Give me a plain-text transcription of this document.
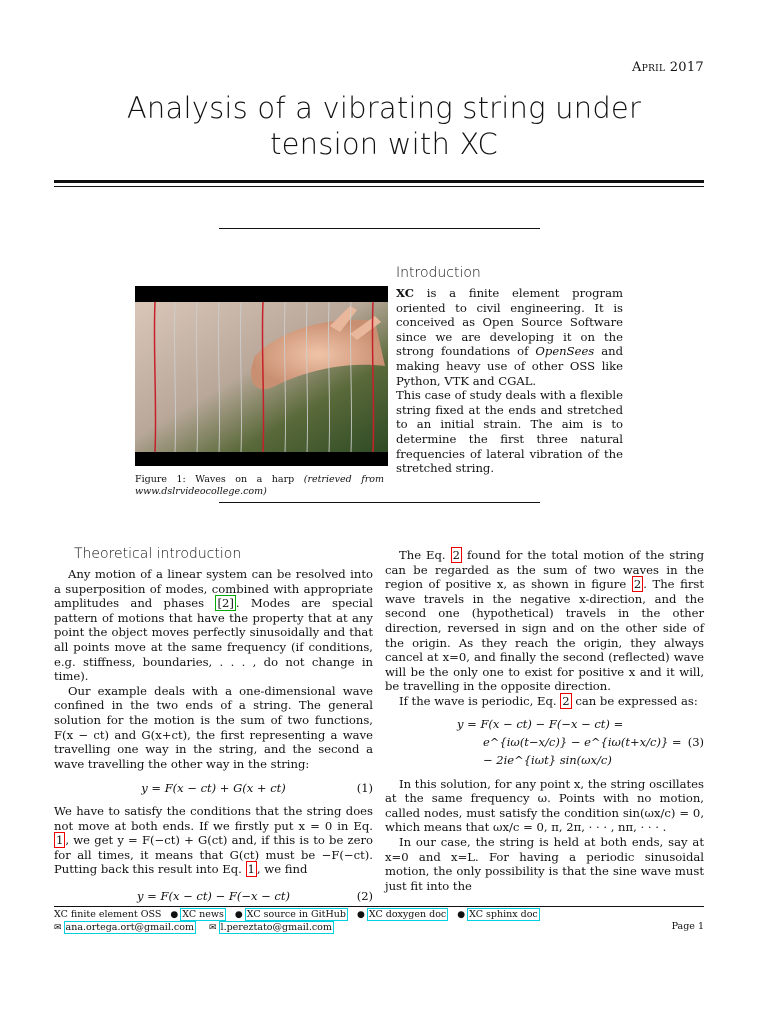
April 2017
Analysis of a vibrating string under
tension with XC
Figure 1: Waves on a harp (retrieved from www.dslrvideocollege.com)
Introduction

XC is a finite element program oriented to civil engineering. It is conceived as Open Source Software since we are developing it on the strong foundations of OpenSees and making heavy use of other OSS like Python, VTK and CGAL.

This case of study deals with a flexible string fixed at the ends and stretched to an initial strain. The aim is to determine the first three natural frequencies of lateral vibration of the stretched string.

Theoretical introduction

Any motion of a linear system can be resolved into a superposition of modes, combined with appropriate amplitudes and phases [2] . Modes are special pattern of motions that have the property that at any point the object moves perfectly sinusoidally and that all points move at the same frequency (if conditions, e.g. stiffness, boundaries, . . . , do not change in time).

Our example deals with a one-dimensional wave confined in the two ends of a string. The general solution for the motion is the sum of two functions, F(x − ct) and G(x+ct), the first representing a wave travelling one way in the string, and the second a wave travelling the other way in the string:

y = F(x − ct) + G(x + ct)	(1)

We have to satisfy the conditions that the string does not move at both ends. If we firstly put x = 0 in Eq. 1 , we get y = F(−ct) + G(ct) and, if this is to be zero for all times, it means that G(ct) must be −F(−ct). Putting back this result into Eq. 1 , we find

y = F(x − ct) − F(−x − ct)	(2)

The Eq. 2 found for the total motion of the string can be regarded as the sum of two waves in the region of positive x, as shown in figure 2 . The first wave travels in the negative x-direction, and the second one (hypothetical) travels in the other direction, reversed in sign and on the other side of the origin. As they reach the origin, they always cancel at x=0, and finally the second (reflected) wave will be the only one to exist for positive x and it will, be travelling in the opposite direction.

If the wave is periodic, Eq. 2 can be expressed as:

y = F(x − ct) − F(−x − ct) =
e^{iω(t−x/c)} − e^{iω(t+x/c)} =
− 2ie^{iωt} sin(ωx/c)
(3)

In this solution, for any point x, the string oscillates at the same frequency ω. Points with no motion, called nodes, must satisfy the condition sin(ωx/c) = 0, which means that ωx/c = 0, π, 2π, · · · , nπ, · · · .

In our case, the string is held at both ends, say at x=0 and x=L. For having a periodic sinusoidal motion, the only possibility is that the sine wave must just fit into the

XC finite element OSS ● XC news ● XC source in GitHub ● XC doxygen doc ● XC sphinx doc
✉ ana.ortega.ort@gmail.com ✉ l.pereztato@gmail.com	Page 1
